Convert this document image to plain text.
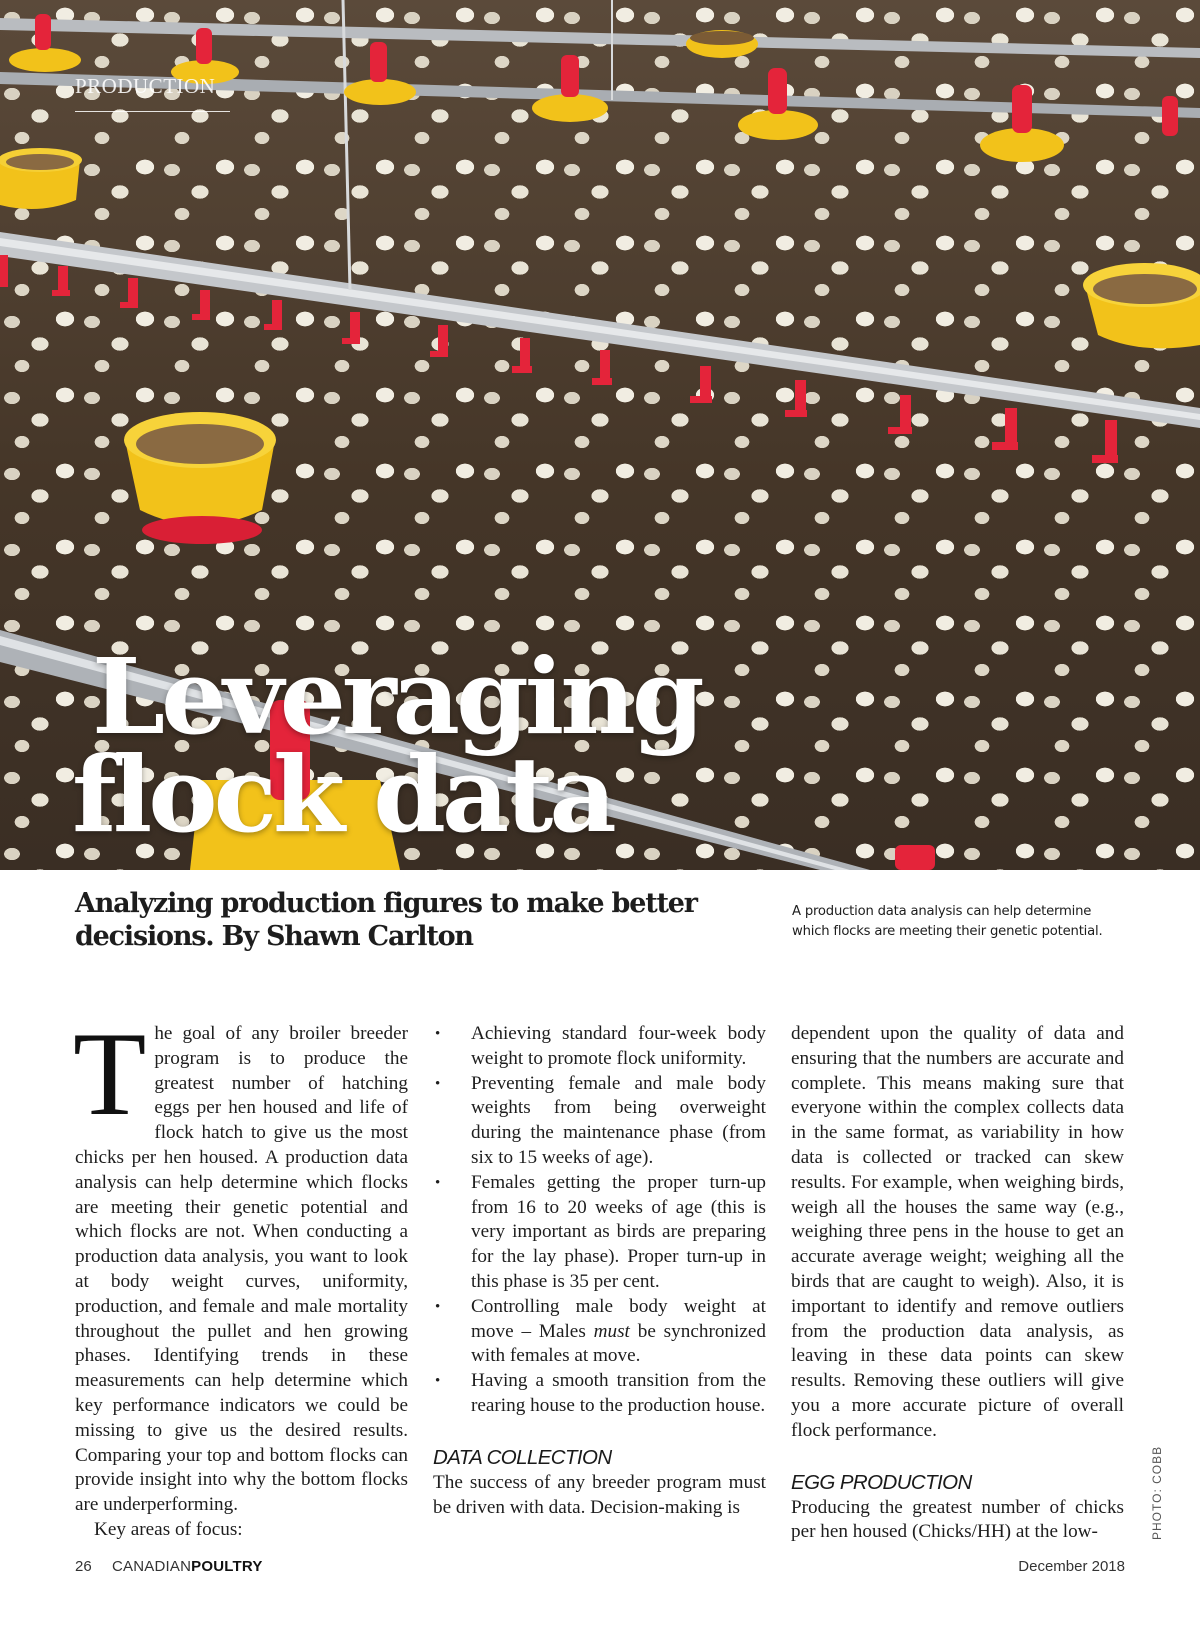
PRODUCTION
Leveraging
flock data

Analyzing production figures to make better decisions. By Shawn Carlton

A production data analysis can help determine which flocks are meeting their genetic potential.

The goal of any broiler breeder program is to produce the greatest number of hatching eggs per hen housed and life of flock hatch to give us the most chicks per hen housed. A production data analysis can help determine which flocks are meeting their genetic potential and which flocks are not. When conducting a production data analysis, you want to look at body weight curves, uniformity, production, and female and male mortality throughout the pullet and hen growing phases. Identifying trends in these measurements can help determine which key performance indicators we could be missing to give us the desired results. Comparing your top and bottom flocks can provide insight into why the bottom flocks are underperforming.

Key areas of focus:

• Achieving standard four-week body weight to promote flock uniformity.
• Preventing female and male body weights from being overweight during the maintenance phase (from six to 15 weeks of age).
• Females getting the proper turn-up from 16 to 20 weeks of age (this is very important as birds are preparing for the lay phase). Proper turn-up in this phase is 35 per cent.
• Controlling male body weight at move – Males must be synchronized with females at move.
• Having a smooth transition from the rearing house to the production house.
DATA COLLECTION

The success of any breeder program must be driven with data. Decision-making is

dependent upon the quality of data and ensuring that the numbers are accurate and complete. This means making sure that everyone within the complex collects data in the same format, as variability in how data is collected or tracked can skew results. For example, when weighing birds, weigh all the houses the same way (e.g., weighing three pens in the house to get an accurate average weight; weighing all the birds that are caught to weigh). Also, it is important to identify and remove outliers from the production data analysis, as leaving in these data points can skew results. Removing these outliers will give you a more accurate picture of overall flock performance.

EGG PRODUCTION

Producing the greatest number of chicks per hen housed (Chicks/HH) at the low-	PHOTO: COBB
26 CANADIANPOULTRY	December 2018
